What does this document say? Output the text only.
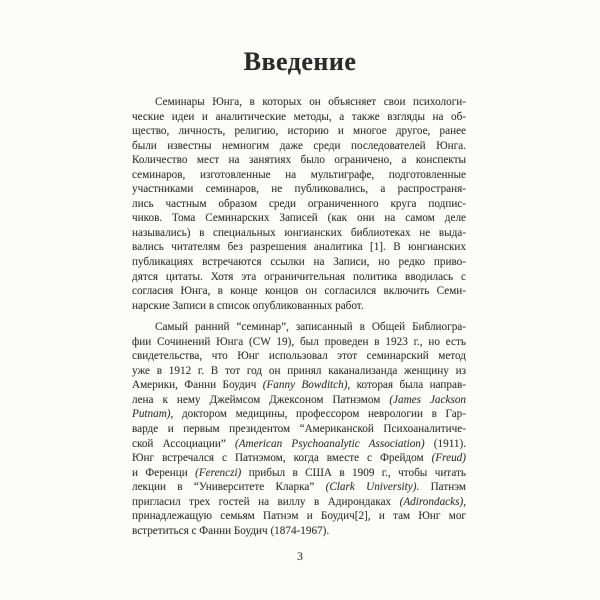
Введение
Семинары Юнга, в которых он объясняет свои психологи-
ческие идеи и аналитические методы, а также взгляды на об-
щество, личность, религию, историю и многое другое, ранее
были известны немногим даже среди последователей Юнга.
Количество мест на занятиях было ограничено, а конспекты
семинаров, изготовленные на мультиграфе, подготовленные
участниками семинаров, не публиковались, а распространя-
лись частным образом среди ограниченного круга подпис-
чиков. Тома Семинарских Записей (как они на самом деле
назывались) в специальных юнгианских библиотеках не выда-
вались читателям без разрешения аналитика [1]. В юнгианских
публикациях встречаются ссылки на Записи, но редко приво-
дятся цитаты. Хотя эта ограничительная политика вводилась с
согласия Юнга, в конце концов он согласился включить Семи-
нарские Записи в список опубликованных работ.
Самый ранний “семинар”, записанный в Общей Библиогра-
фии Сочинений Юнга (CW 19), был проведен в 1923 г., но есть
свидетельства, что Юнг использовал этот семинарский метод
уже в 1912 г. В тот год он принял каканализанда женщину из
Америки, Фанни Боудич (Fanny Bowditch), которая была направ-
лена к нему Джеймсом Джексоном Патнэмом (James Jackson
Putnam), доктором медицины, профессором неврологии в Гар-
варде и первым президентом “Американской Психоаналитиче-
ской Ассоциации” (American Psychoanalytic Association) (1911).
Юнг встречался с Патнэмом, когда вместе с Фрейдом (Freud)
и Ференци (Ferenczi) прибыл в США в 1909 г., чтобы читать
лекции в “Университете Кларка” (Clark University). Патнэм
пригласил трех гостей на виллу в Адирондаках (Adirondacks),
принадлежащую семьям Патнэм и Боудич[2], и там Юнг мог
встретиться с Фанни Боудич (1874-1967).
3
